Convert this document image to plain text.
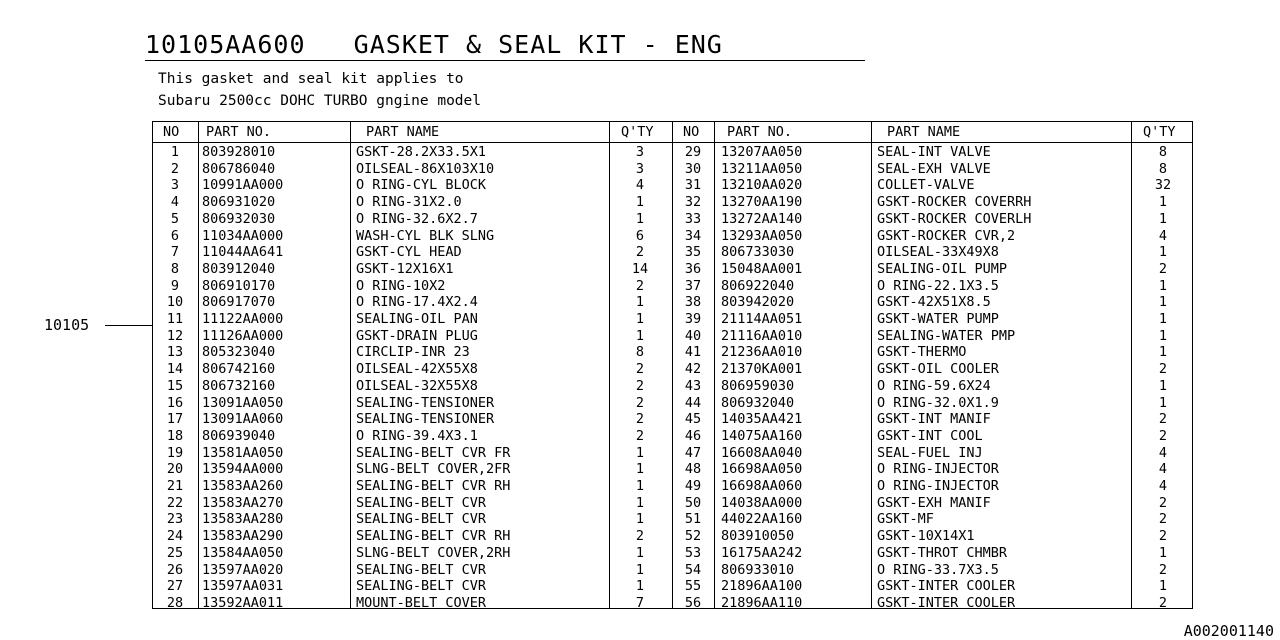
10105AA600 GASKET & SEAL KIT - ENG
This gasket and seal kit applies to
Subaru 2500cc DOHC TURBO gngine model
10105
NO PART NO.	PART NAME	Q'TY NO PART NO.	PART NAME	Q'TY
1 803928010	GSKT-28.2X33.5X1	3	29 13207AA050	SEAL-INT VALVE	8
2 806786040	OILSEAL-86X103X10	3	30 13211AA050	SEAL-EXH VALVE	8
3 10991AA000	O RING-CYL BLOCK	4	31 13210AA020	COLLET-VALVE	32
4 806931020	O RING-31X2.0	1	32 13270AA190	GSKT-ROCKER COVERRH	1
5 806932030	O RING-32.6X2.7	1	33 13272AA140	GSKT-ROCKER COVERLH	1
6 11034AA000	WASH-CYL BLK SLNG	6	34 13293AA050	GSKT-ROCKER CVR,2	4
7 11044AA641	GSKT-CYL HEAD	2	35 806733030	OILSEAL-33X49X8	1
8 803912040	GSKT-12X16X1	14	36 15048AA001	SEALING-OIL PUMP	2
9 806910170	O RING-10X2	2	37 806922040	O RING-22.1X3.5	1
10 806917070	O RING-17.4X2.4	1	38 803942020	GSKT-42X51X8.5	1
11 11122AA000	SEALING-OIL PAN	1	39 21114AA051	GSKT-WATER PUMP	1
12 11126AA000	GSKT-DRAIN PLUG	1	40 21116AA010	SEALING-WATER PMP	1
13 805323040	CIRCLIP-INR 23	8	41 21236AA010	GSKT-THERMO	1
14 806742160	OILSEAL-42X55X8	2	42 21370KA001	GSKT-OIL COOLER	2
15 806732160	OILSEAL-32X55X8	2	43 806959030	O RING-59.6X24	1
16 13091AA050	SEALING-TENSIONER	2	44 806932040	O RING-32.0X1.9	1
17 13091AA060	SEALING-TENSIONER	2	45 14035AA421	GSKT-INT MANIF	2
18 806939040	O RING-39.4X3.1	2	46 14075AA160	GSKT-INT COOL	2
19 13581AA050	SEALING-BELT CVR FR	1	47 16608AA040	SEAL-FUEL INJ	4
20 13594AA000	SLNG-BELT COVER,2FR	1	48 16698AA050	O RING-INJECTOR	4
21 13583AA260	SEALING-BELT CVR RH	1	49 16698AA060	O RING-INJECTOR	4
22 13583AA270	SEALING-BELT CVR	1	50 14038AA000	GSKT-EXH MANIF	2
23 13583AA280	SEALING-BELT CVR	1	51 44022AA160	GSKT-MF	2
24 13583AA290	SEALING-BELT CVR RH	2	52 803910050	GSKT-10X14X1	2
25 13584AA050	SLNG-BELT COVER,2RH	1	53 16175AA242	GSKT-THROT CHMBR	1
26 13597AA020	SEALING-BELT CVR	1	54 806933010	O RING-33.7X3.5	2
27 13597AA031	SEALING-BELT CVR	1	55 21896AA100	GSKT-INTER COOLER	1
28 13592AA011	MOUNT-BELT COVER	7	56 21896AA110	GSKT-INTER COOLER	2
A002001140
